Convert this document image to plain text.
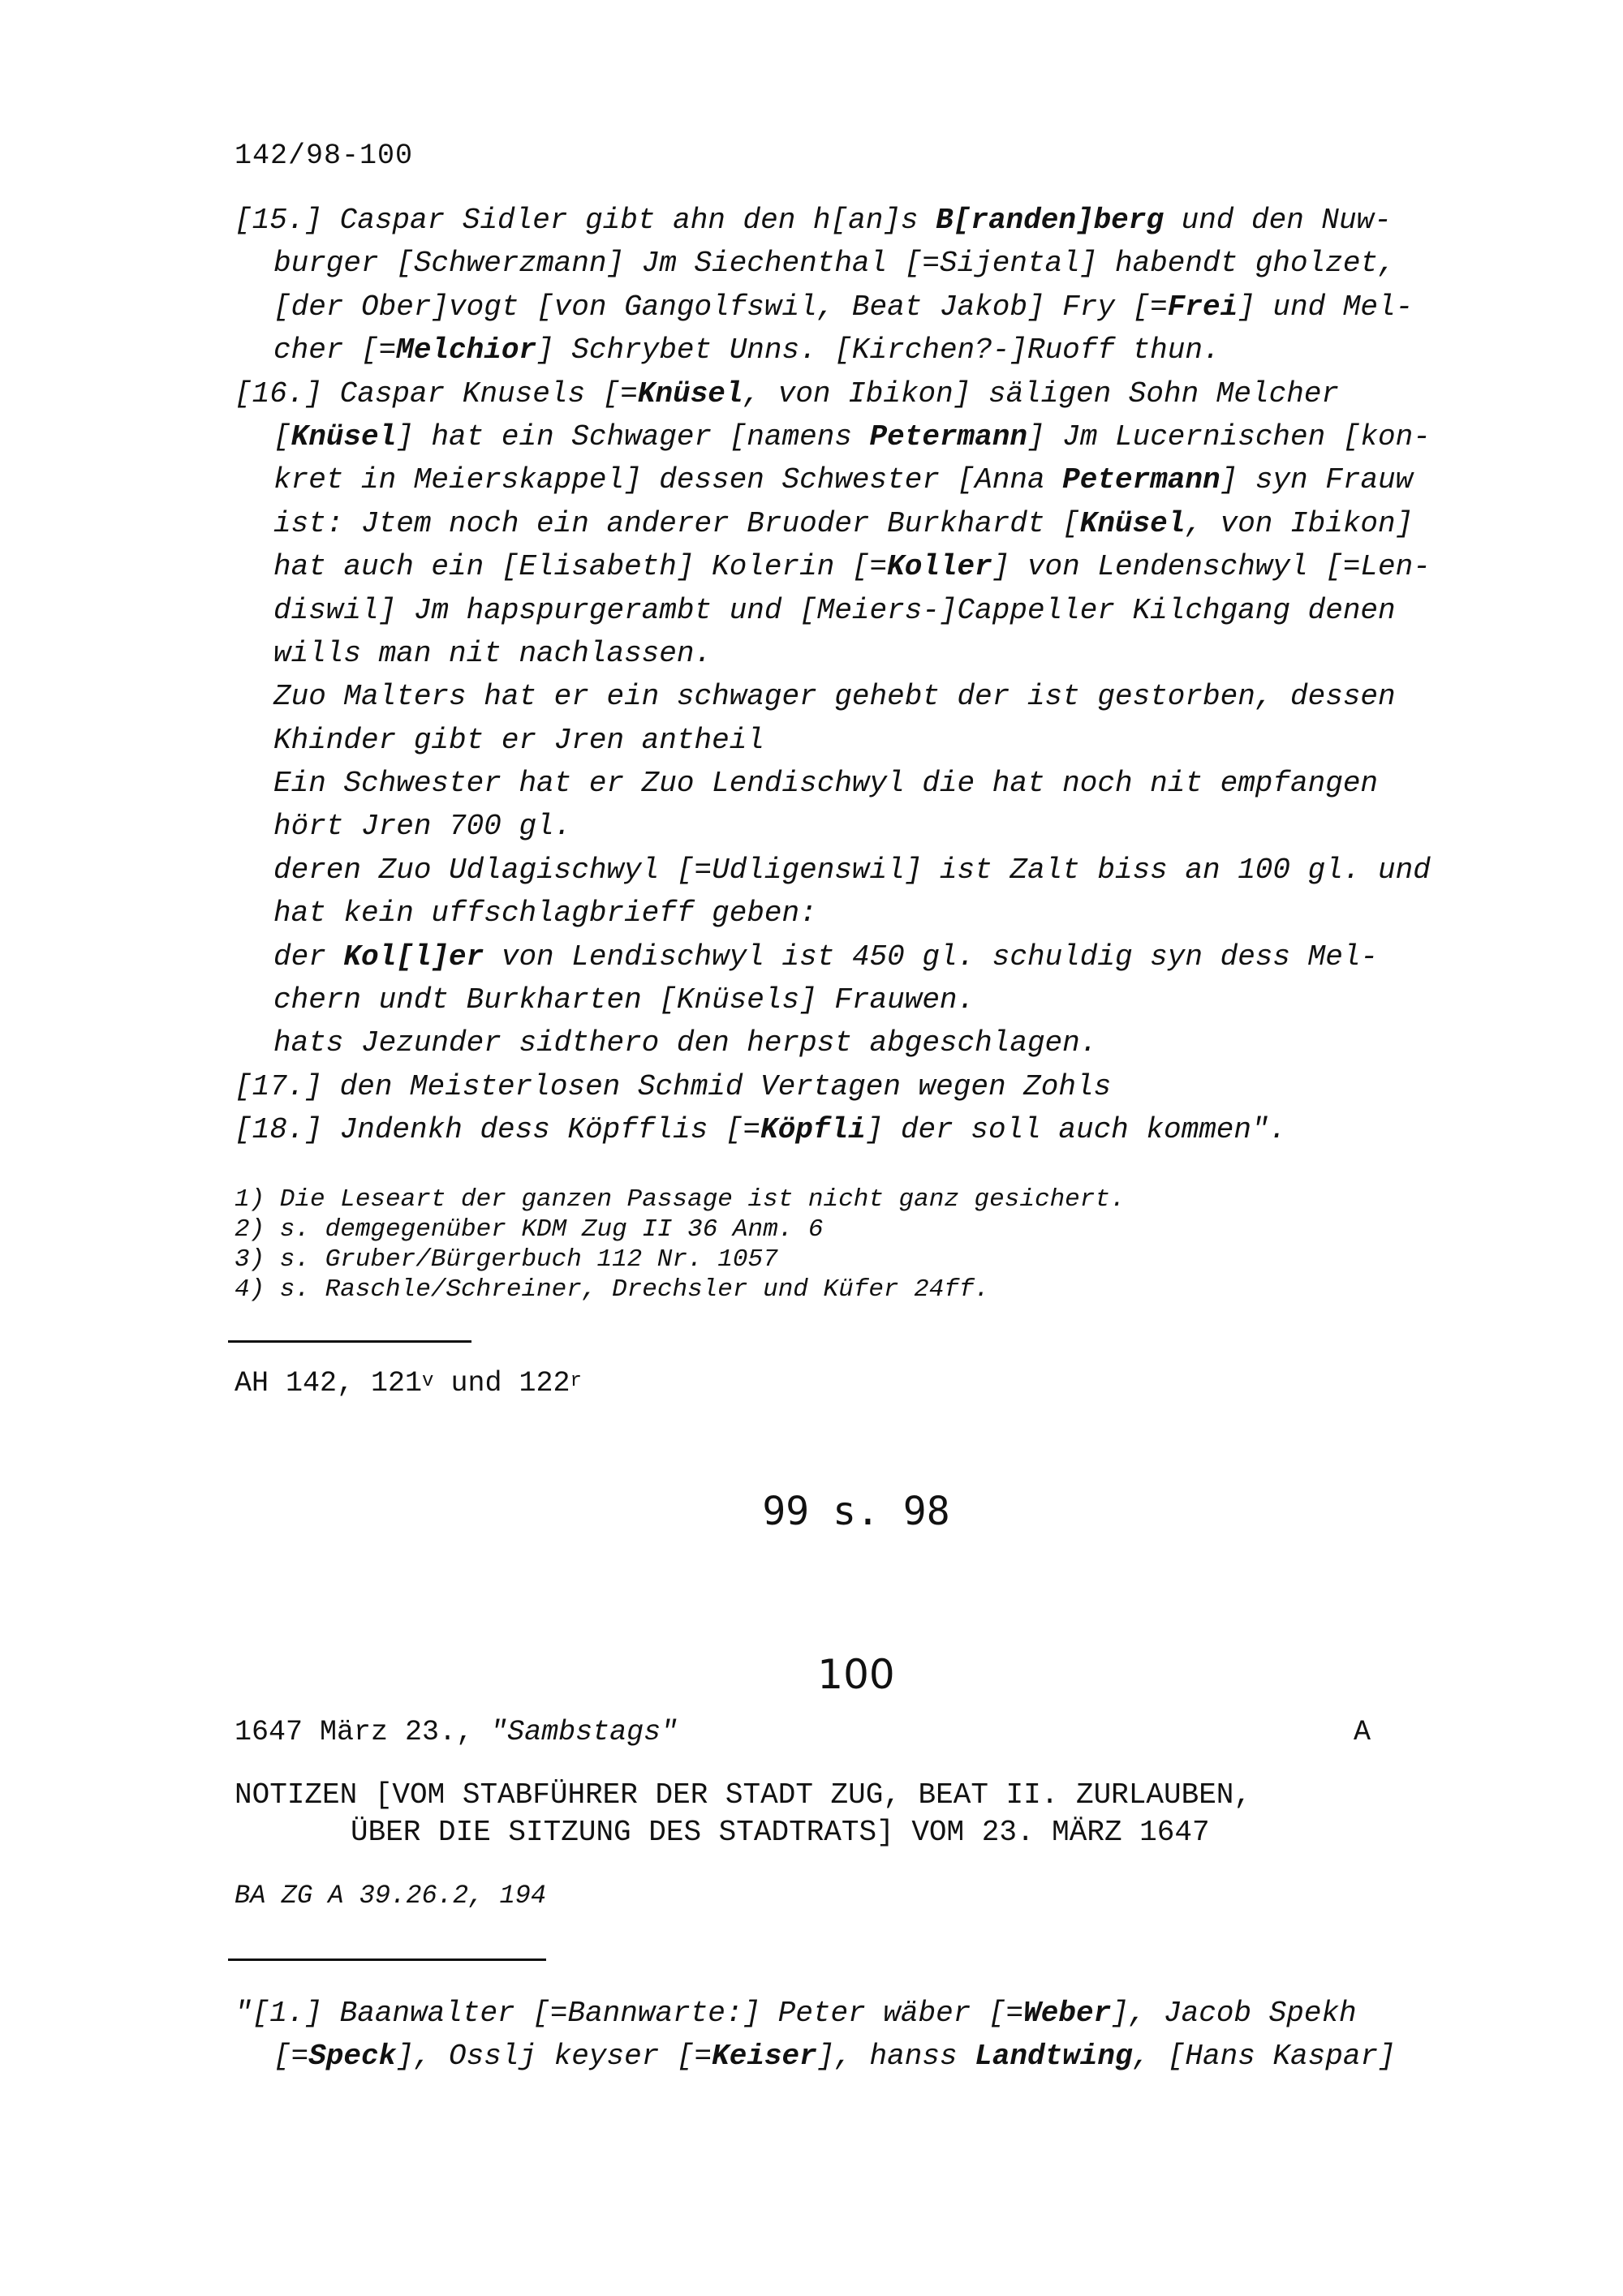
142/98-100
[15.] Caspar Sidler gibt ahn den h[an]s B[randen]berg und den Nuw-
burger [Schwerzmann] Jm Siechenthal [=Sijental] habendt gholzet,
[der Ober]vogt [von Gangolfswil, Beat Jakob] Fry [=Frei] und Mel-
cher [=Melchior] Schrybet Unns. [Kirchen?-]Ruoff thun.
[16.] Caspar Knusels [=Knüsel, von Ibikon] säligen Sohn Melcher
[Knüsel] hat ein Schwager [namens Petermann] Jm Lucernischen [kon-
kret in Meierskappel] dessen Schwester [Anna Petermann] syn Frauw
ist: Jtem noch ein anderer Bruoder Burkhardt [Knüsel, von Ibikon]
hat auch ein [Elisabeth] Kolerin [=Koller] von Lendenschwyl [=Len-
diswil] Jm hapspurgerambt und [Meiers-]Cappeller Kilchgang denen
wills man nit nachlassen.
Zuo Malters hat er ein schwager gehebt der ist gestorben, dessen
Khinder gibt er Jren antheil
Ein Schwester hat er Zuo Lendischwyl die hat noch nit empfangen
hört Jren 700 gl.
deren Zuo Udlagischwyl [=Udligenswil] ist Zalt biss an 100 gl. und
hat kein uffschlagbrieff geben:
der Kol[l]er von Lendischwyl ist 450 gl. schuldig syn dess Mel-
chern undt Burkharten [Knüsels] Frauwen.
hats Jezunder sidthero den herpst abgeschlagen.
[17.] den Meisterlosen Schmid Vertagen wegen Zohls
[18.] Jndenkh dess Köpfflis [=Köpfli] der soll auch kommen".
1) Die Leseart der ganzen Passage ist nicht ganz gesichert.
2) s. demgegenüber KDM Zug II 36 Anm. 6
3) s. Gruber/Bürgerbuch 112 Nr. 1057
4) s. Raschle/Schreiner, Drechsler und Küfer 24ff.
AH 142, 121$^v$ und 122$^r$
99 s. 98
100
1647 März 23., "Sambstags"	A
NOTIZEN [VOM STABFÜHRER DER STADT ZUG, BEAT II. ZURLAUBEN,
ÜBER DIE SITZUNG DES STADTRATS] VOM 23. MÄRZ 1647
BA ZG A 39.26.2, 194
"[1.] Baanwalter [=Bannwarte:] Peter wäber [=Weber], Jacob Spekh
[=Speck], Osslj keyser [=Keiser], hanss Landtwing, [Hans Kaspar]
